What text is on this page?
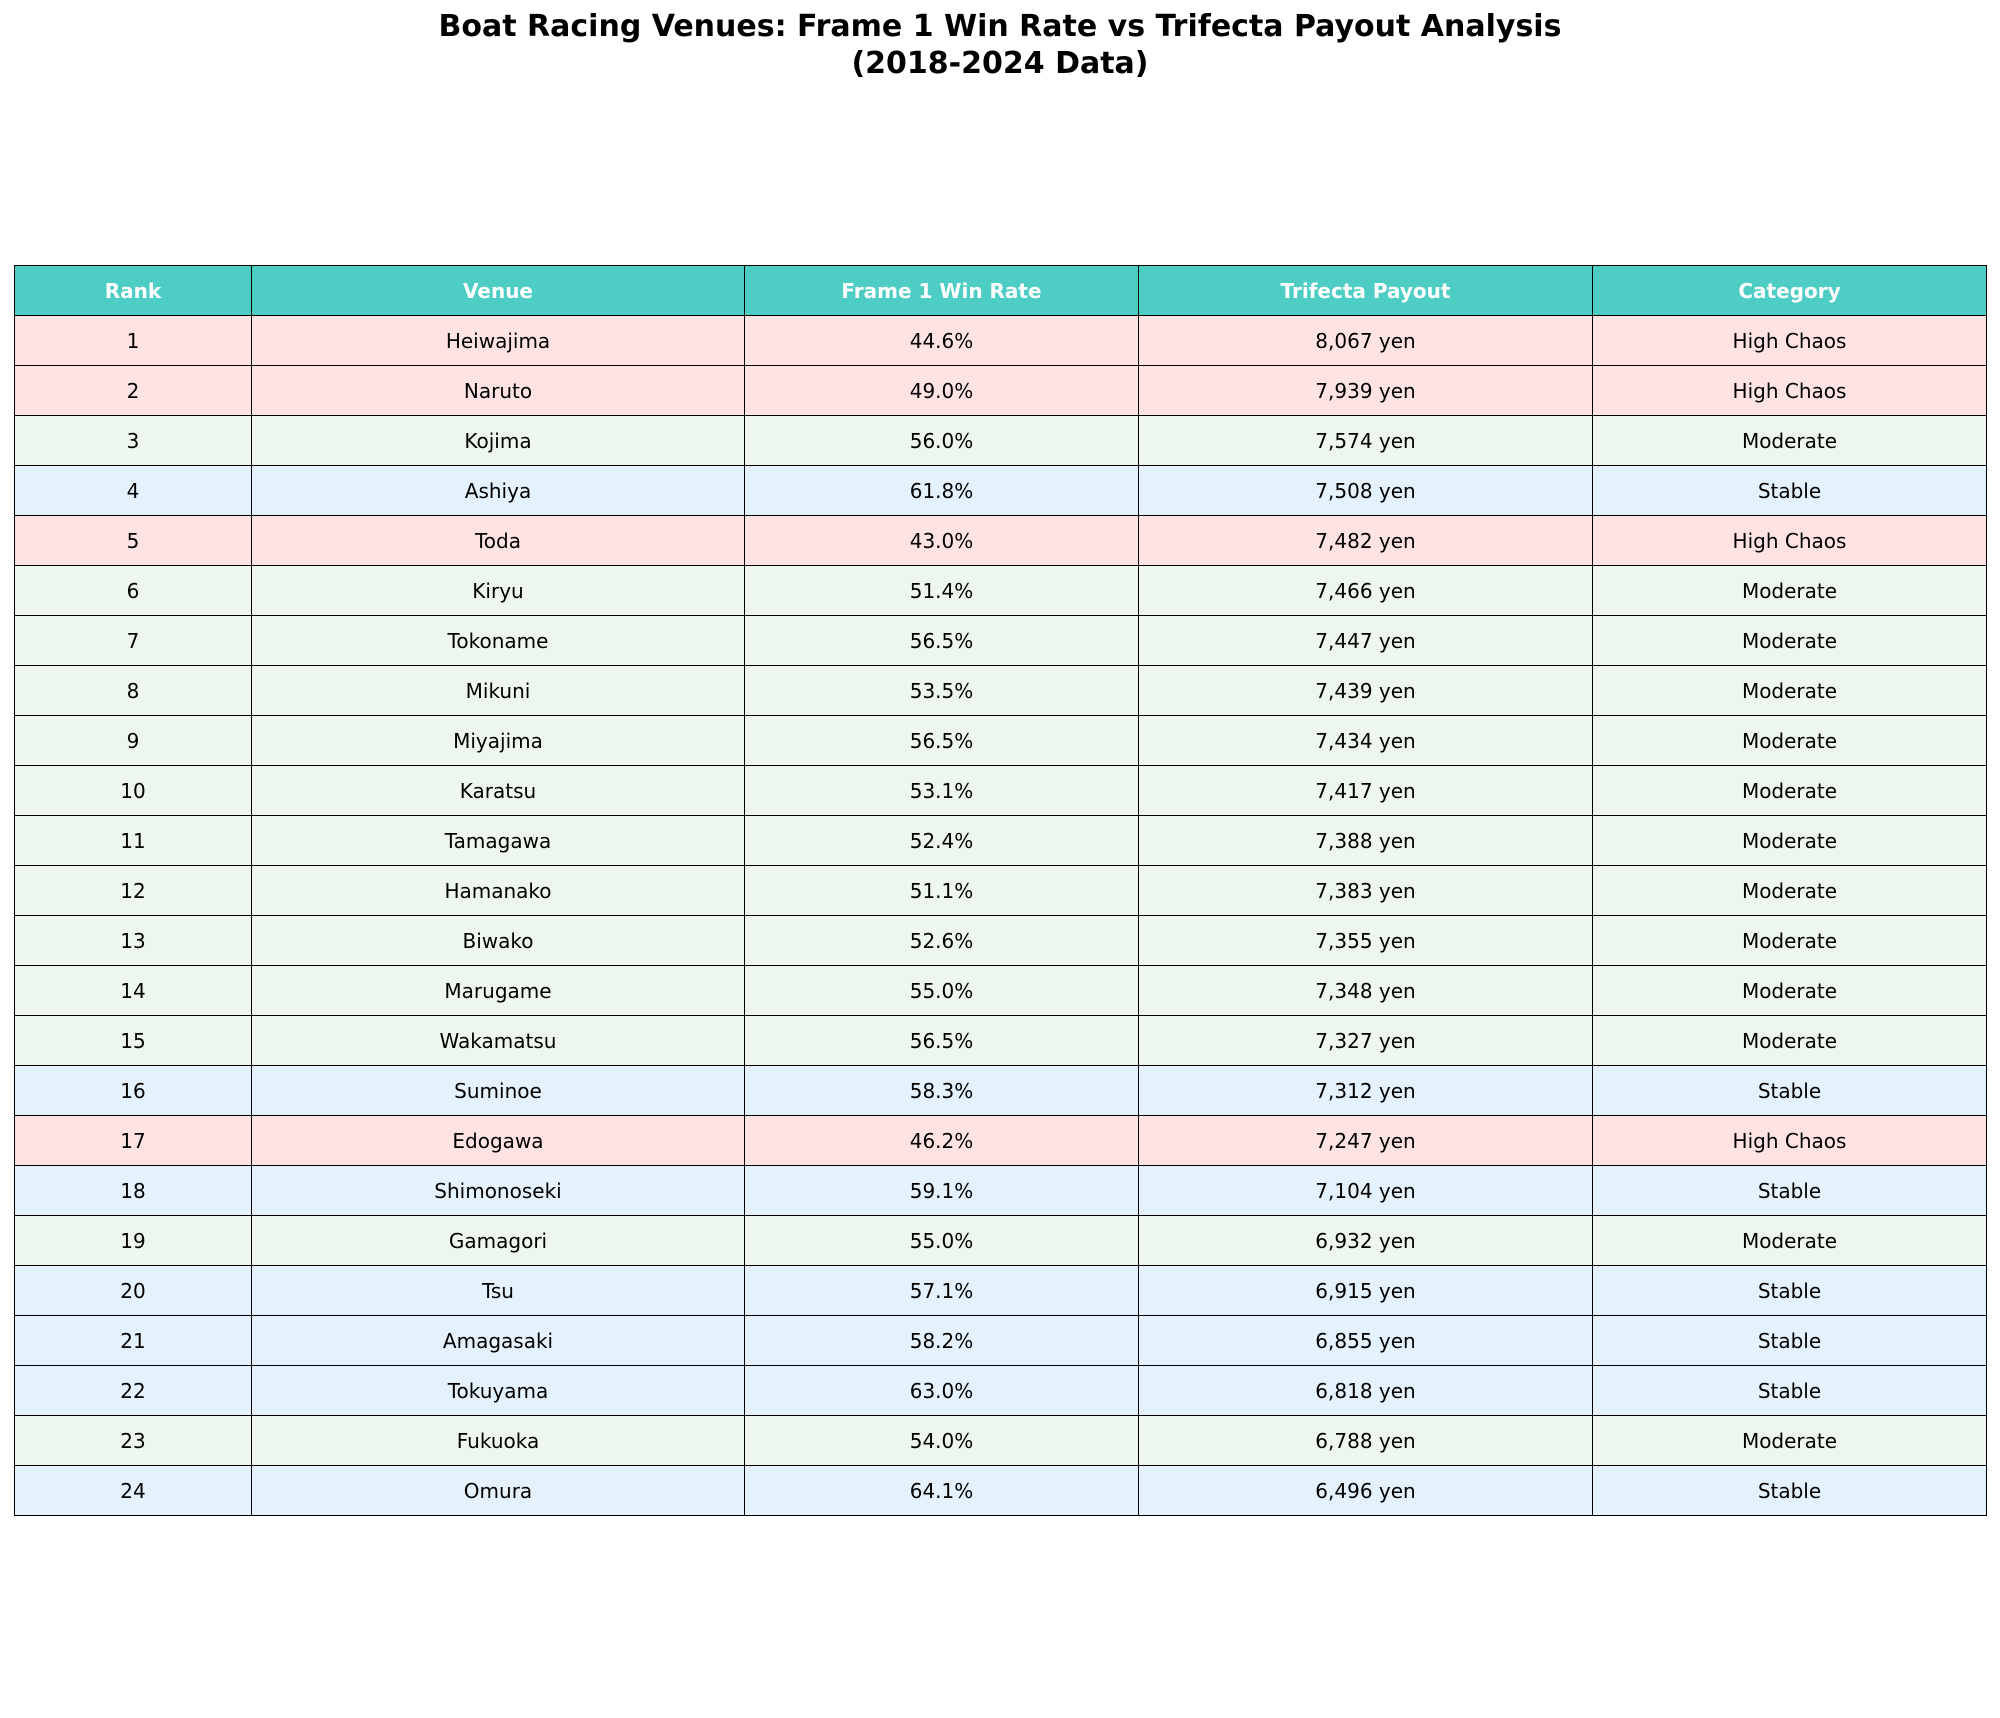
Boat Racing Venues: Frame 1 Win Rate vs Trifecta Payout Analysis
(2018-2024 Data)
Rank	Venue	Frame 1 Win Rate	Trifecta Payout	Category
1	Heiwajima	44.6%	8,067 yen	High Chaos
2	Naruto	49.0%	7,939 yen	High Chaos
3	Kojima	56.0%	7,574 yen	Moderate
4	Ashiya	61.8%	7,508 yen	Stable
5	Toda	43.0%	7,482 yen	High Chaos
6	Kiryu	51.4%	7,466 yen	Moderate
7	Tokoname	56.5%	7,447 yen	Moderate
8	Mikuni	53.5%	7,439 yen	Moderate
9	Miyajima	56.5%	7,434 yen	Moderate
10	Karatsu	53.1%	7,417 yen	Moderate
11	Tamagawa	52.4%	7,388 yen	Moderate
12	Hamanako	51.1%	7,383 yen	Moderate
13	Biwako	52.6%	7,355 yen	Moderate
14	Marugame	55.0%	7,348 yen	Moderate
15	Wakamatsu	56.5%	7,327 yen	Moderate
16	Suminoe	58.3%	7,312 yen	Stable
17	Edogawa	46.2%	7,247 yen	High Chaos
18	Shimonoseki	59.1%	7,104 yen	Stable
19	Gamagori	55.0%	6,932 yen	Moderate
20	Tsu	57.1%	6,915 yen	Stable
21	Amagasaki	58.2%	6,855 yen	Stable
22	Tokuyama	63.0%	6,818 yen	Stable
23	Fukuoka	54.0%	6,788 yen	Moderate
24	Omura	64.1%	6,496 yen	Stable
